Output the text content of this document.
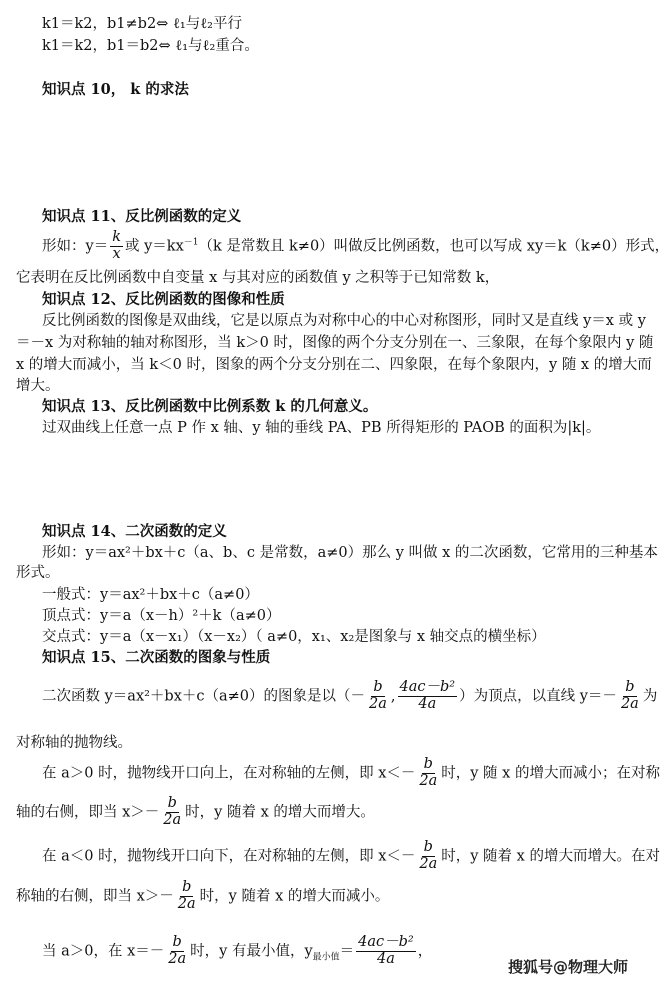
k1＝k2，b1≠b2⇔ ℓ₁与ℓ₂平行
k1＝k2，b1＝b2⇔ ℓ₁与ℓ₂重合。
知识点 10， k 的求法
知识点 11、反比例函数的定义
形如：$y= \frac{k}{x}$ 或 $y=kx^{-1}(k$ 是常数且 k≠0）叫做反比例函数，也可以写成 xy＝k（k≠0）形式，
它表明在反比例函数中自变量 x 与其对应的函数值 y 之积等于已知常数 k，
知识点 12、反比例函数的图像和性质
反比例函数的图像是双曲线，它是以原点为对称中心的中心对称图形，同时又是直线 y＝x 或 y
＝－x 为对称轴的轴对称图形，当 k＞0 时，图像的两个分支分别在一、三象限，在每个象限内 y 随
x 的增大而减小，当 k＜0 时，图象的两个分支分别在二、四象限，在每个象限内，y 随 x 的增大而
增大。
知识点 13、反比例函数中比例系数 k 的几何意义。
过双曲线上任意一点 P 作 x 轴、y 轴的垂线 PA、PB 所得矩形的 PAOB 的面积为|k|。
知识点 14、二次函数的定义
形如：y＝ax²＋bx＋c（a、b、c 是常数，a≠0）那么 y 叫做 x 的二次函数，它常用的三种基本
形式。
一般式：y＝ax²＋bx＋c（a≠0）
顶点式：y＝a（x－h）²＋k（a≠0）
交点式：y＝a（x－x₁）（x－x₂）（ a≠0，x₁、x₂是图象与 x 轴交点的横坐标）
知识点 15、二次函数的图象与性质
二次函数 y＝ax²＋bx＋c（a≠0）的图象是以（－ $\frac{b}{2a}$ , $\frac{\text{4ac－b²}}{4a}$ ）为顶点，以直线 $y=- \frac{b}{2a}$ 为
对称轴的抛物线。
在 a＞0 时，抛物线开口向上，在对称轴的左侧，即 $x<- \frac{b}{2a}$ 时，y 随 x 的增大而减小；在对称
轴的右侧，即当 $x>- \frac{b}{2a}$ 时，y 随着 x 的增大而增大。
在 a＜0 时，抛物线开口向下，在对称轴的左侧，即 $x<- \frac{b}{2a}$ 时，y 随着 x 的增大而增大。在对
称轴的右侧，即当 $x>- \frac{b}{2a}$ 时，y 随着 x 的增大而减小。
当 a＞0，在 $x=- \frac{b}{2a}$ 时，y 有最小值，$y_{最小值}= \frac{\text{4ac－b²}}{4a}$ ，
搜狐号@物理大师
